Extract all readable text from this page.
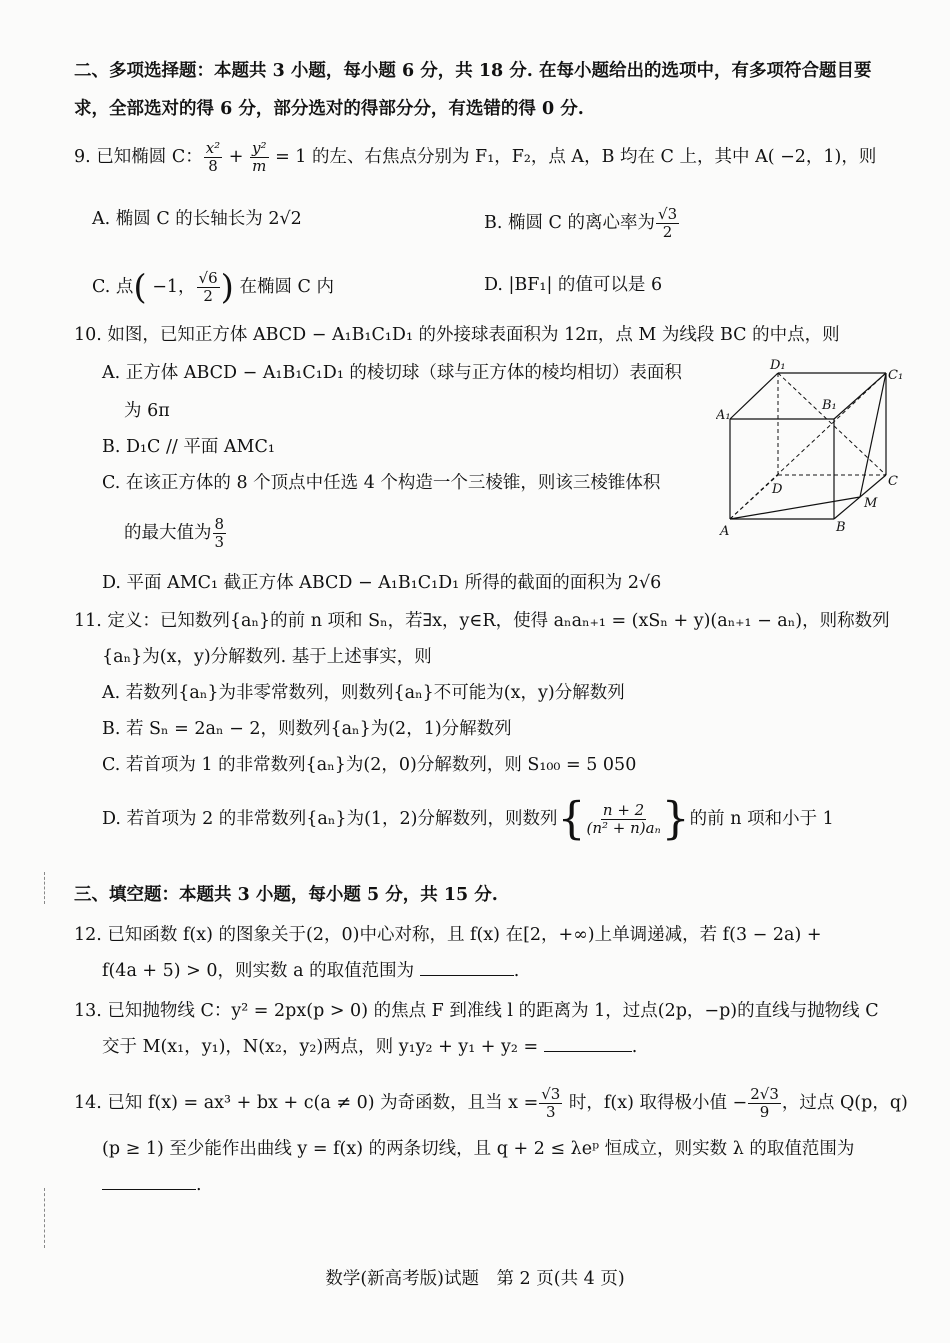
二、多项选择题：本题共 3 小题，每小题 6 分，共 18 分. 在每小题给出的选项中，有多项符合题目要
求，全部选对的得 6 分，部分选对的得部分分，有选错的得 0 分.
9. 已知椭圆 C： $\frac{\text{x²}}{8} + \frac{\text{y²}}{m} = 1$ 的左、右焦点分别为 F₁，F₂，点 A，B 均在 C 上，其中 A( −2，1)，则
A. 椭圆 C 的长轴长为 2√2	B. 椭圆 C 的离心率为 $\frac{√3}{2}$
C. 点( −1， $\frac{√6}{2}$ ) 在椭圆 C 内	D. |BF₁| 的值可以是 6
10. 如图，已知正方体 ABCD − A₁B₁C₁D₁ 的外接球表面积为 12π，点 M 为线段 BC 的中点，则
A. 正方体 ABCD − A₁B₁C₁D₁ 的棱切球（球与正方体的棱均相切）表面积
为 6π
B. D₁C // 平面 AMC₁
C. 在该正方体的 8 个顶点中任选 4 个构造一个三棱锥，则该三棱锥体积
的最大值为 $\frac{8}{3}$
D. 平面 AMC₁ 截正方体 ABCD − A₁B₁C₁D₁ 所得的截面的面积为 2√6
D₁
C₁
A₁
B₁
C
D
M
B
A
11. 定义：已知数列{aₙ}的前 n 项和 Sₙ，若∃x，y∈R，使得 aₙaₙ₊₁ = (xSₙ + y)(aₙ₊₁ − aₙ)，则称数列
{aₙ}为(x，y)分解数列. 基于上述事实，则
A. 若数列{aₙ}为非零常数列，则数列{aₙ}不可能为(x，y)分解数列
B. 若 Sₙ = 2aₙ − 2，则数列{aₙ}为(2，1)分解数列
C. 若首项为 1 的非常数列{aₙ}为(2，0)分解数列，则 S₁₀₀ = 5 050
D. 若首项为 2 的非常数列{aₙ}为(1，2)分解数列，则数列{ $\frac{n + 2}{\text{(n² + n)aₙ}}$ }的前 n 项和小于 1
三、填空题：本题共 3 小题，每小题 5 分，共 15 分.
12. 已知函数 f(x) 的图象关于(2，0)中心对称，且 f(x) 在[2，+∞)上单调递减，若 f(3 − 2a) +
f(4a + 5) > 0，则实数 a 的取值范围为	.
13. 已知抛物线 C：y² = 2px(p > 0) 的焦点 F 到准线 l 的距离为 1，过点(2p，−p)的直线与抛物线 C
交于 M(x₁，y₁)，N(x₂，y₂)两点，则 y₁y₂ + y₁ + y₂ =	.
14. 已知 f(x) = ax³ + bx + c(a ≠ 0) 为奇函数，且当 $x = \frac{√3}{3}$ 时，f(x) 取得极小值 − $\frac{2√3}{9}$ ，过点 Q(p，q)
(p ≥ 1) 至少能作出曲线 y = f(x) 的两条切线，且 q + 2 ≤ λeᵖ 恒成立，则实数 λ 的取值范围为
.
数学(新高考版)试题　第 2 页(共 4 页)
